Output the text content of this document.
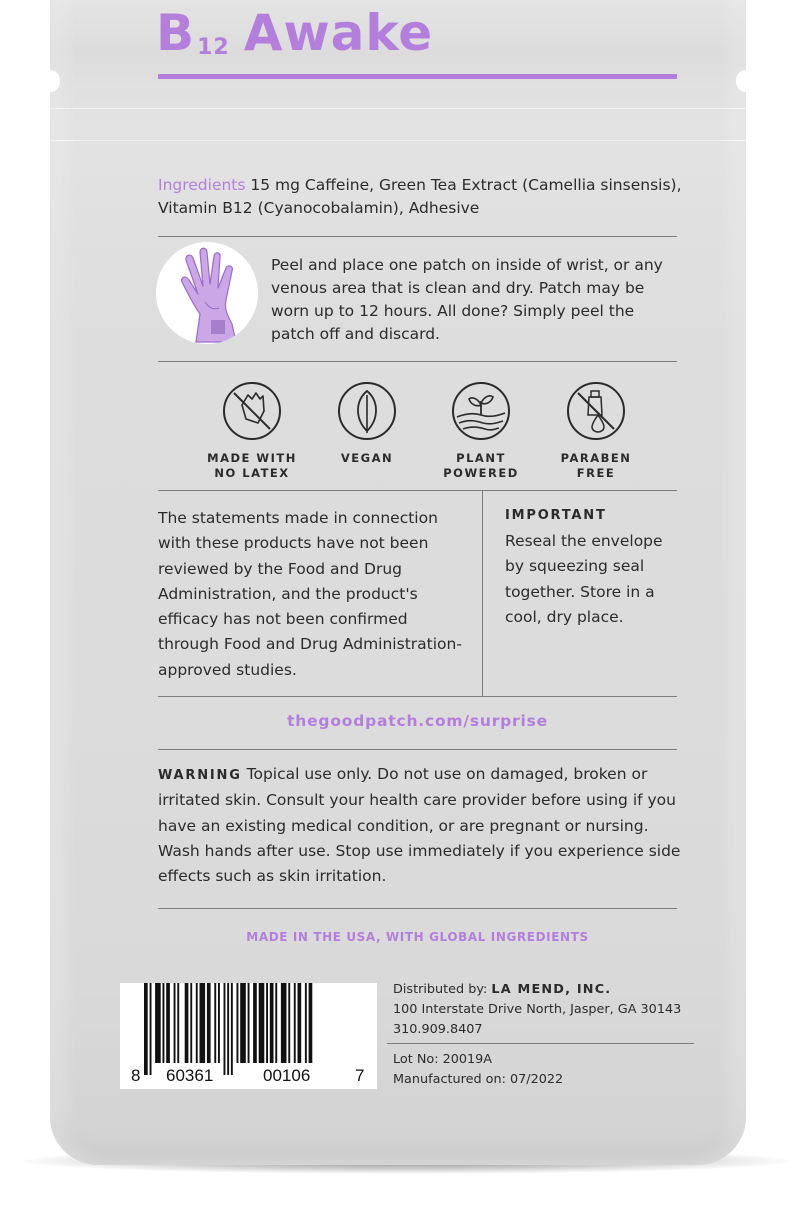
B12 Awake
Ingredients 15 mg Caffeine, Green Tea Extract (Camellia sinsensis), Vitamin B12 (Cyanocobalamin), Adhesive
Peel and place one patch on inside of wrist, or any venous area that is clean and dry. Patch may be worn up to 12 hours. All done? Simply peel the patch off and discard.
MADE WITH
NO LATEX
VEGAN	PLANT
POWERED
PARABEN
FREE
The statements made in connection with these products have not been reviewed by the Food and Drug Administration, and the product's efficacy has not been confirmed through Food and Drug Administration-approved studies.
IMPORTANT
Reseal the envelope by squeezing seal together. Store in a cool, dry place.
thegoodpatch.com/surprise
WARNING Topical use only. Do not use on damaged, broken or irritated skin. Consult your health care provider before using if you have an existing medical condition, or are pregnant or nursing. Wash hands after use. Stop use immediately if you experience side effects such as skin irritation.
MADE IN THE USA, WITH GLOBAL INGREDIENTS
8 60361	00106	7
Distributed by: LA MEND, INC.
100 Interstate Drive North, Jasper, GA 30143
310.909.8407
Lot No: 20019A
Manufactured on: 07/2022
